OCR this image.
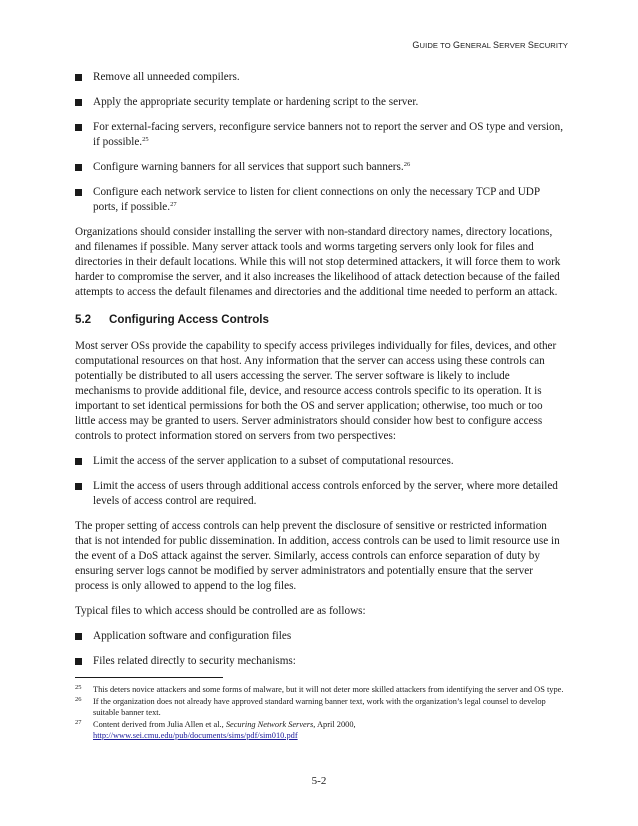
GUIDE TO GENERAL SERVER SECURITY
Remove all unneeded compilers.
Apply the appropriate security template or hardening script to the server.
For external-facing servers, reconfigure service banners not to report the server and OS type and version, if possible.$^{25}$
Configure warning banners for all services that support such banners.$^{26}$
Configure each network service to listen for client connections on only the necessary TCP and UDP ports, if possible.$^{27}$

Organizations should consider installing the server with non-standard directory names, directory locations, and filenames if possible. Many server attack tools and worms targeting servers only look for files and directories in their default locations. While this will not stop determined attackers, it will force them to work harder to compromise the server, and it also increases the likelihood of attack detection because of the failed attempts to access the default filenames and directories and the additional time needed to perform an attack.

5.2 Configuring Access Controls

Most server OSs provide the capability to specify access privileges individually for files, devices, and other computational resources on that host. Any information that the server can access using these controls can potentially be distributed to all users accessing the server. The server software is likely to include mechanisms to provide additional file, device, and resource access controls specific to its operation. It is important to set identical permissions for both the OS and server application; otherwise, too much or too little access may be granted to users. Server administrators should consider how best to configure access controls to protect information stored on servers from two perspectives:

Limit the access of the server application to a subset of computational resources.
Limit the access of users through additional access controls enforced by the server, where more detailed levels of access control are required.

The proper setting of access controls can help prevent the disclosure of sensitive or restricted information that is not intended for public dissemination. In addition, access controls can be used to limit resource use in the event of a DoS attack against the server. Similarly, access controls can enforce separation of duty by ensuring server logs cannot be modified by server administrators and potentially ensure that the server process is only allowed to append to the log files.

Typical files to which access should be controlled are as follows:

Application software and configuration files
Files related directly to security mechanisms:
25 This deters novice attackers and some forms of malware, but it will not deter more skilled attackers from identifying the server and OS type.
26 If the organization does not already have approved standard warning banner text, work with the organization’s legal counsel to develop suitable banner text.
27 Content derived from Julia Allen et al., Securing Network Servers, April 2000,
http://www.sei.cmu.edu/pub/documents/sims/pdf/sim010.pdf
5-2
